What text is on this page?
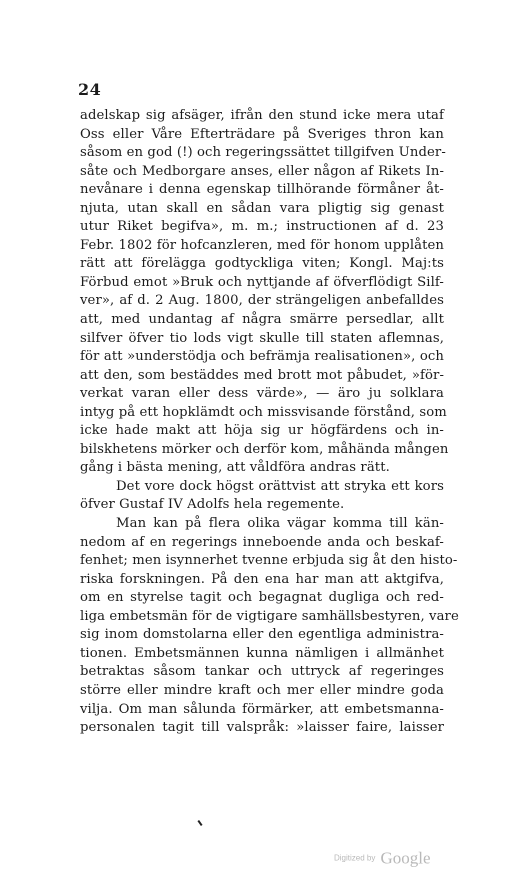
24
adelskap sig afsäger, ifrån den stund icke mera utaf
Oss eller Våre Efterträdare på Sveriges thron kan
såsom en god (!) och regeringssättet tillgifven Under-
såte och Medborgare anses, eller någon af Rikets In-
nevånare i denna egenskap tillhörande förmåner åt-
njuta, utan skall en sådan vara pligtig sig genast
utur Riket begifva», m. m.; instructionen af d. 23
Febr. 1802 för hofcanzleren, med för honom upplåten
rätt att förelägga godtyckliga viten; Kongl. Maj:ts
Förbud emot »Bruk och nyttjande af öfverflödigt Silf-
ver», af d. 2 Aug. 1800, der strängeligen anbefalldes
att, med undantag af några smärre persedlar, allt
silfver öfver tio lods vigt skulle till staten aflemnas,
för att »understödja och befrämja realisationen», och
att den, som bestäddes med brott mot påbudet, »för-
verkat varan eller dess värde», — äro ju solklara
intyg på ett hopklämdt och missvisande förstånd, som
icke hade makt att höja sig ur högfärdens och in-
bilskhetens mörker och derför kom, måhända mången
gång i bästa mening, att våldföra andras rätt.
Det vore dock högst orättvist att stryka ett kors
öfver Gustaf IV Adolfs hela regemente.
Man kan på flera olika vägar komma till kän-
nedom af en regerings inneboende anda och beskaf-
fenhet; men isynnerhet tvenne erbjuda sig åt den histo-
riska forskningen. På den ena har man att aktgifva,
om en styrelse tagit och begagnat dugliga och red-
liga embetsmän för de vigtigare samhällsbestyren, vare
sig inom domstolarna eller den egentliga administra-
tionen. Embetsmännen kunna nämligen i allmänhet
betraktas såsom tankar och uttryck af regeringes
större eller mindre kraft och mer eller mindre goda
vilja. Om man sålunda förmärker, att embetsmanna-
personalen tagit till valspråk: »laisser faire, laisser
Digitized by Google
